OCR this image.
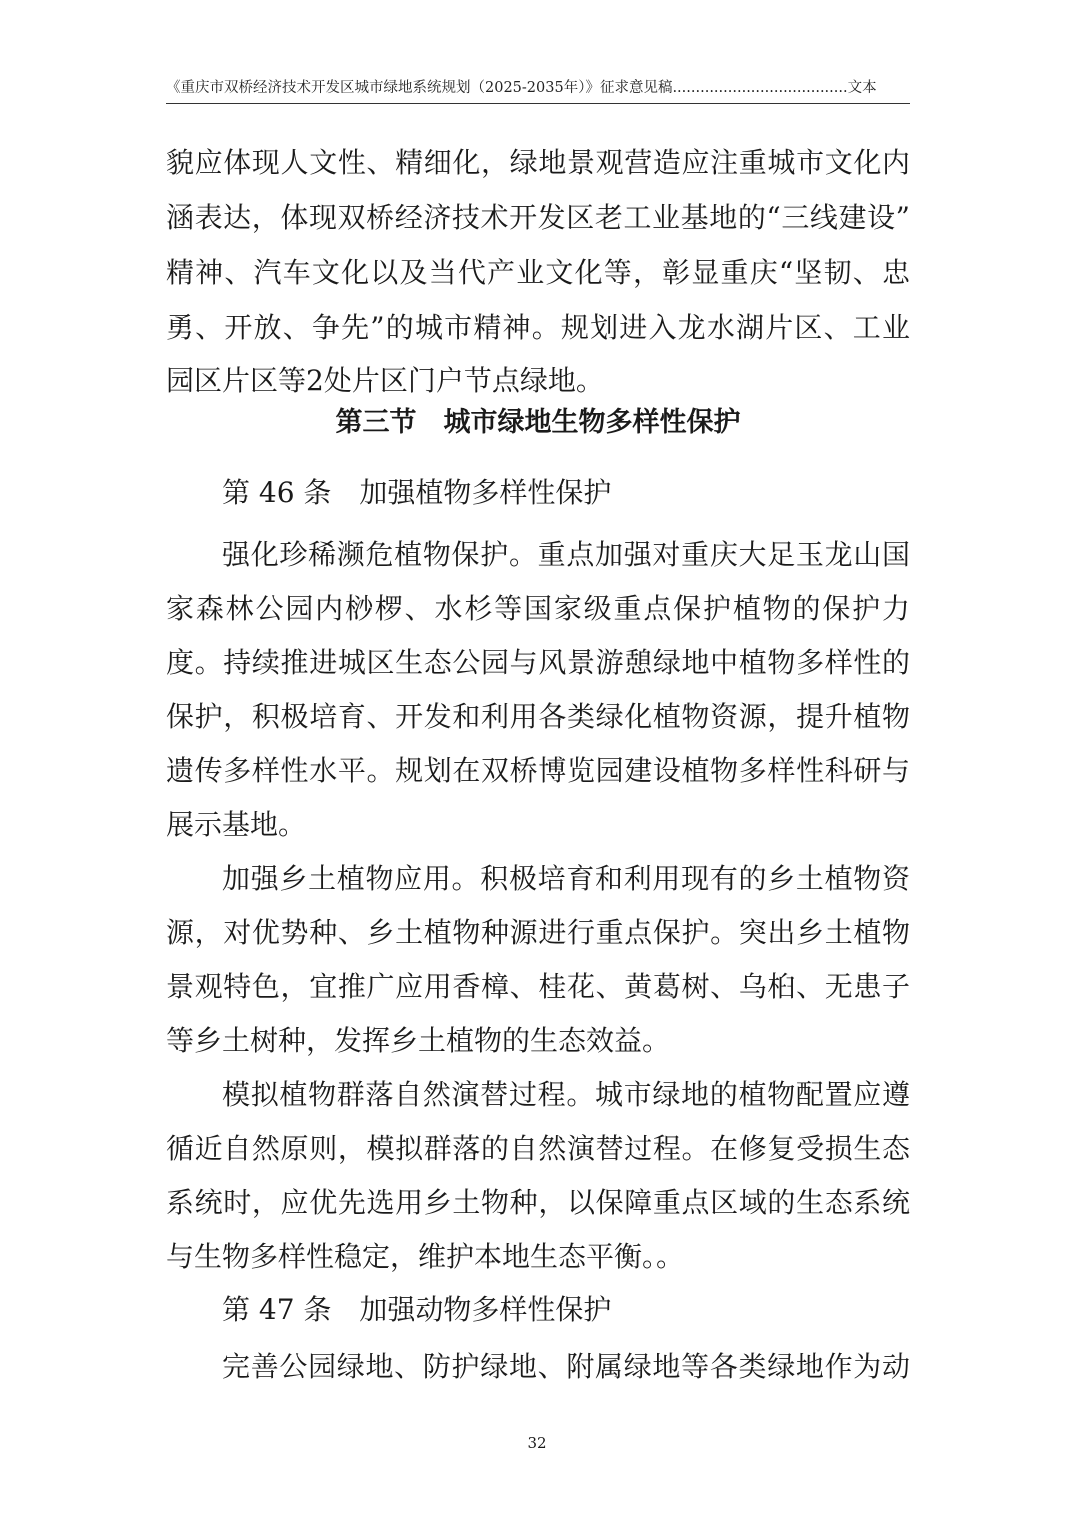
《重庆市双桥经济技术开发区城市绿地系统规划（2025-2035年）》征求意见稿......................................文本
貌应体现人文性、精细化，绿地景观营造应注重城市文化内
涵表达，体现双桥经济技术开发区老工业基地的“三线建设”
精神、汽车文化以及当代产业文化等，彰显重庆“坚韧、忠
勇、开放、争先”的城市精神。规划进入龙水湖片区、工业
园区片区等2处片区门户节点绿地。
第三节　城市绿地生物多样性保护
第 46 条　加强植物多样性保护
强化珍稀濒危植物保护。重点加强对重庆大足玉龙山国
家森林公园内桫椤、水杉等国家级重点保护植物的保护力
度。持续推进城区生态公园与风景游憩绿地中植物多样性的
保护，积极培育、开发和利用各类绿化植物资源，提升植物
遗传多样性水平。规划在双桥博览园建设植物多样性科研与
展示基地。
加强乡土植物应用。积极培育和利用现有的乡土植物资
源，对优势种、乡土植物种源进行重点保护。突出乡土植物
景观特色，宜推广应用香樟、桂花、黄葛树、乌桕、无患子
等乡土树种，发挥乡土植物的生态效益。
模拟植物群落自然演替过程。城市绿地的植物配置应遵
循近自然原则，模拟群落的自然演替过程。在修复受损生态
系统时，应优先选用乡土物种，以保障重点区域的生态系统
与生物多样性稳定，维护本地生态平衡。。
第 47 条　加强动物多样性保护
完善公园绿地、防护绿地、附属绿地等各类绿地作为动
32
